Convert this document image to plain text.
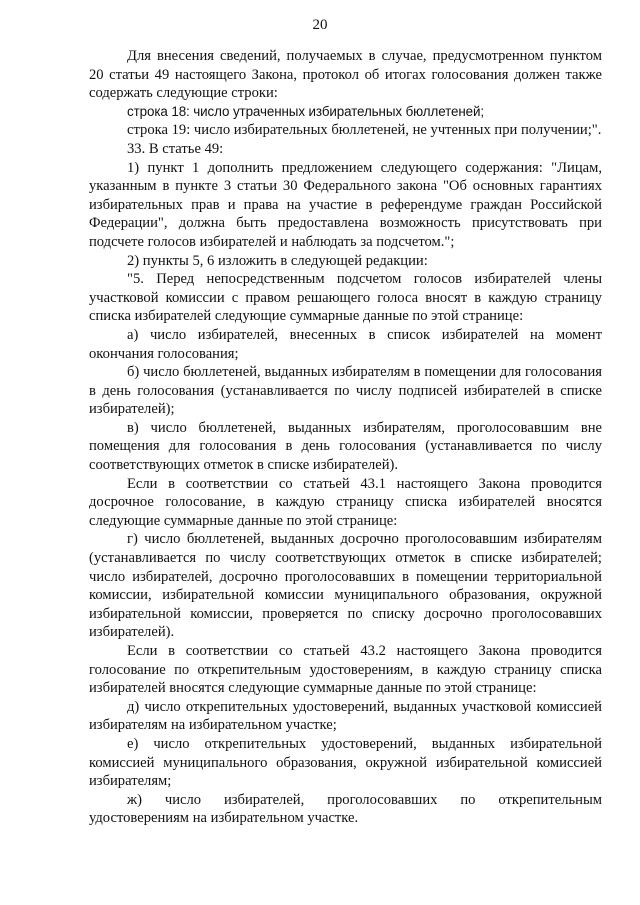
20

Для внесения сведений, получаемых в случае, предусмотренном пунктом 20 статьи 49 настоящего Закона, протокол об итогах голосования должен также содержать следующие строки:

строка 18: число утраченных избирательных бюллетеней;

строка 19: число избирательных бюллетеней, не учтенных при получении;".

33. В статье 49:

1) пункт 1 дополнить предложением следующего содержания: "Лицам, указанным в пункте 3 статьи 30 Федерального закона "Об основных гарантиях избирательных прав и права на участие в референдуме граждан Российской Федерации", должна быть предоставлена возможность присутствовать при подсчете голосов избирателей и наблюдать за подсчетом.";

2) пункты 5, 6 изложить в следующей редакции:

"5. Перед непосредственным подсчетом голосов избирателей члены участковой комиссии с правом решающего голоса вносят в каждую страницу списка избирателей следующие суммарные данные по этой странице:

а) число избирателей, внесенных в список избирателей на момент окончания голосования;

б) число бюллетеней, выданных избирателям в помещении для голосования в день голосования (устанавливается по числу подписей избирателей в списке избирателей);

в) число бюллетеней, выданных избирателям, проголосовавшим вне помещения для голосования в день голосования (устанавливается по числу соответствующих отметок в списке избирателей).

Если в соответствии со статьей 43.1 настоящего Закона проводится досрочное голосование, в каждую страницу списка избирателей вносятся следующие суммарные данные по этой странице:

г) число бюллетеней, выданных досрочно проголосовавшим избирателям (устанавливается по числу соответствующих отметок в списке избирателей; число избирателей, досрочно проголосовавших в помещении территориальной комиссии, избирательной комиссии муниципального образования, окружной избирательной комиссии, проверяется по списку досрочно проголосовавших избирателей).

Если в соответствии со статьей 43.2 настоящего Закона проводится голосование по открепительным удостоверениям, в каждую страницу списка избирателей вносятся следующие суммарные данные по этой странице:

д) число открепительных удостоверений, выданных участковой комиссией избирателям на избирательном участке;

е) число открепительных удостоверений, выданных избирательной комиссией муниципального образования, окружной избирательной комиссией избирателям;

ж) число избирателей, проголосовавших по открепительным удостоверениям на избирательном участке.
